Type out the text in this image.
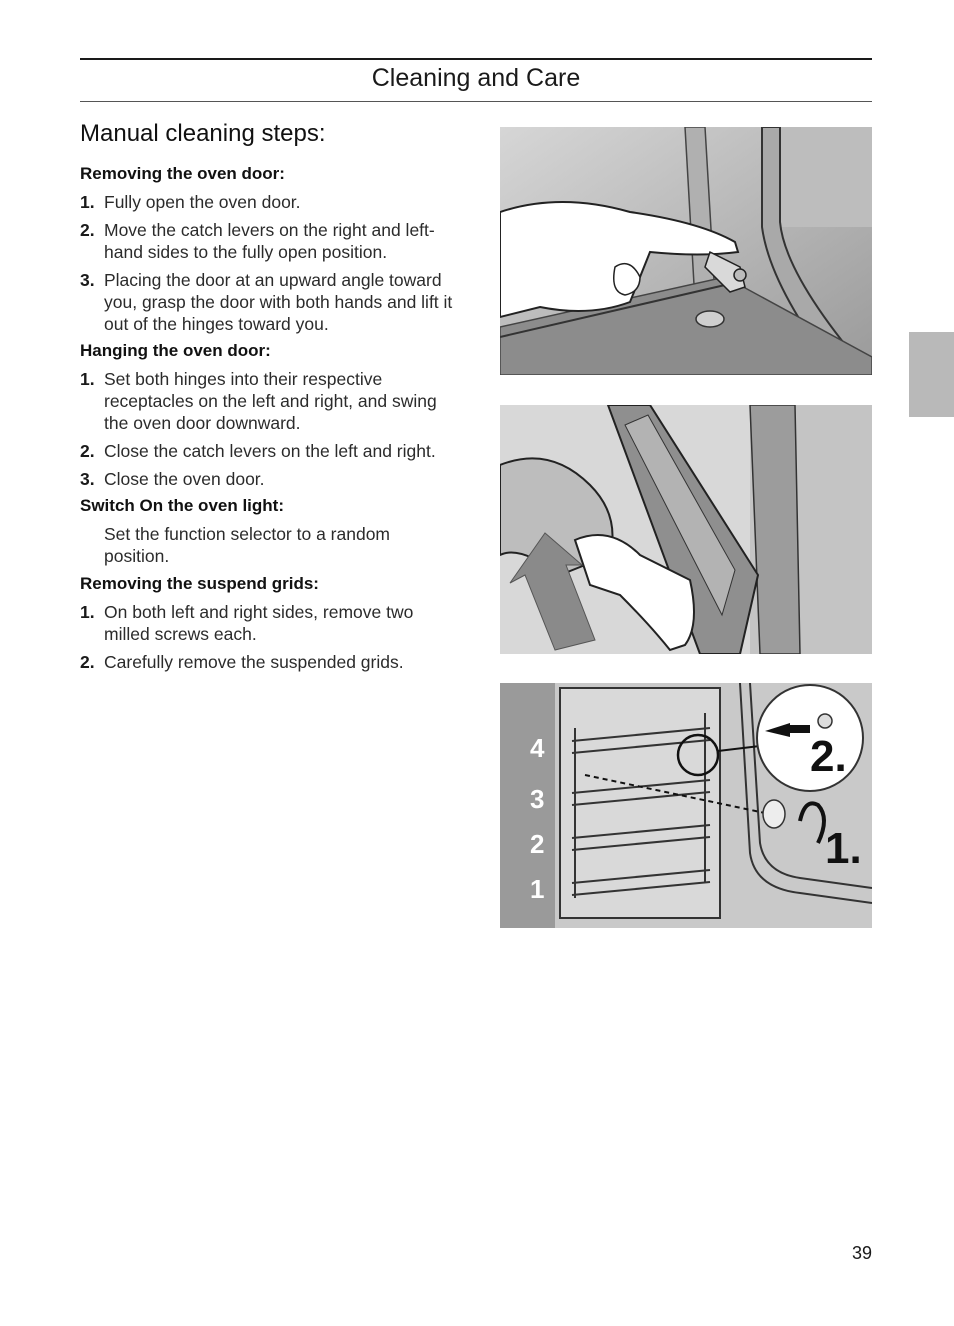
Cleaning and Care
Manual cleaning steps:
Removing the oven door:
1. Fully open the oven door.
2. Move the catch levers on the right and left-hand sides to the fully open position.
3. Placing the door at an upward angle toward you, grasp the door with both hands and lift it out of the hinges toward you.
Hanging the oven door:
1. Set both hinges into their respective receptacles on the left and right, and swing the oven door downward.
2. Close the catch levers on the left and right.
3. Close the oven door.
Switch On the oven light:
Set the function selector to a random position.
Removing the suspend grids:
1. On both left and right sides, remove two milled screws each.
2. Carefully remove the suspended grids.
4
3
2
1
2.
1.
39
